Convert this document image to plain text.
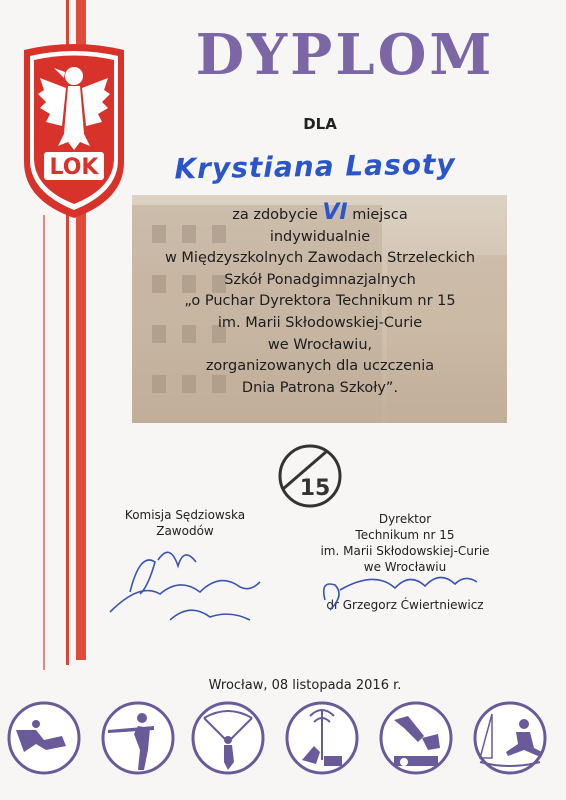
LOK
DYPLOM
DLA
Krystiana Lasoty
za zdobycie VI miejsca
indywidualnie
w Międzyszkolnych Zawodach Strzeleckich
Szkół Ponadgimnazjalnych
„o Puchar Dyrektora Technikum nr 15
im. Marii Skłodowskiej-Curie
we Wrocławiu,
zorganizowanych dla uczczenia
Dnia Patrona Szkoły”.
15
Komisja Sędziowska
Zawodów
Dyrektor
Technikum nr 15
im. Marii Skłodowskiej-Curie
we Wrocławiu
dr Grzegorz Ćwiertniewicz
Wrocław, 08 listopada 2016 r.
